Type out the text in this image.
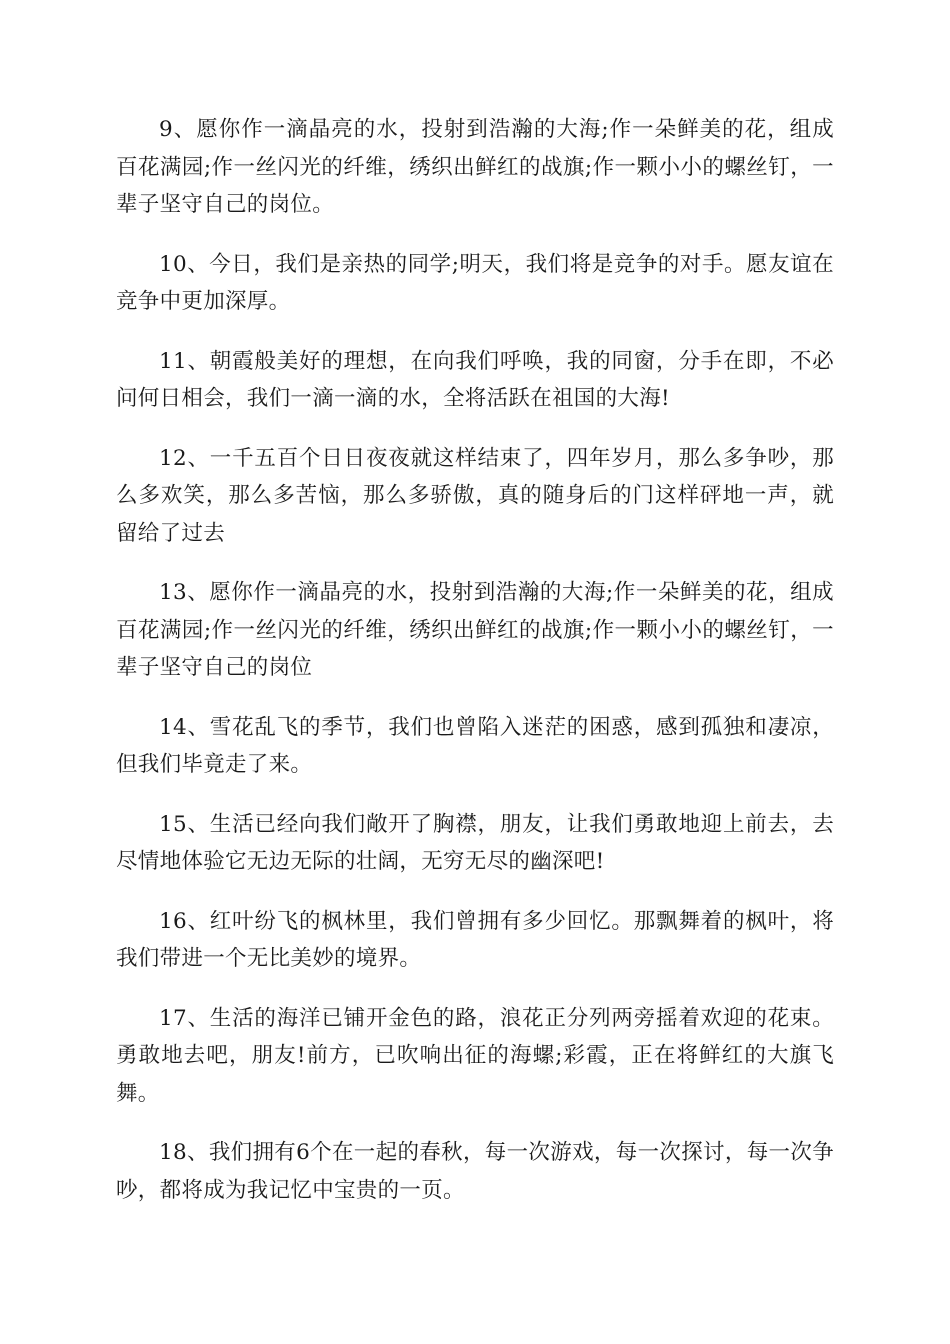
9、愿你作一滴晶亮的水，投射到浩瀚的大海;作一朵鲜美的花，组成百花满园;作一丝闪光的纤维，绣织出鲜红的战旗;作一颗小小的螺丝钉，一辈子坚守自己的岗位。

10、今日，我们是亲热的同学;明天，我们将是竞争的对手。愿友谊在竞争中更加深厚。

11、朝霞般美好的理想，在向我们呼唤，我的同窗，分手在即，不必问何日相会，我们一滴一滴的水，全将活跃在祖国的大海!

12、一千五百个日日夜夜就这样结束了，四年岁月，那么多争吵，那么多欢笑，那么多苦恼，那么多骄傲，真的随身后的门这样砰地一声，就留给了过去

13、愿你作一滴晶亮的水，投射到浩瀚的大海;作一朵鲜美的花，组成百花满园;作一丝闪光的纤维，绣织出鲜红的战旗;作一颗小小的螺丝钉，一辈子坚守自己的岗位

14、雪花乱飞的季节，我们也曾陷入迷茫的困惑，感到孤独和凄凉，但我们毕竟走了来。

15、生活已经向我们敞开了胸襟，朋友，让我们勇敢地迎上前去，去尽情地体验它无边无际的壮阔，无穷无尽的幽深吧!

16、红叶纷飞的枫林里，我们曾拥有多少回忆。那飘舞着的枫叶，将我们带进一个无比美妙的境界。

17、生活的海洋已铺开金色的路，浪花正分列两旁摇着欢迎的花束。勇敢地去吧，朋友!前方，已吹响出征的海螺;彩霞，正在将鲜红的大旗飞舞。

18、我们拥有6个在一起的春秋，每一次游戏，每一次探讨，每一次争吵，都将成为我记忆中宝贵的一页。
